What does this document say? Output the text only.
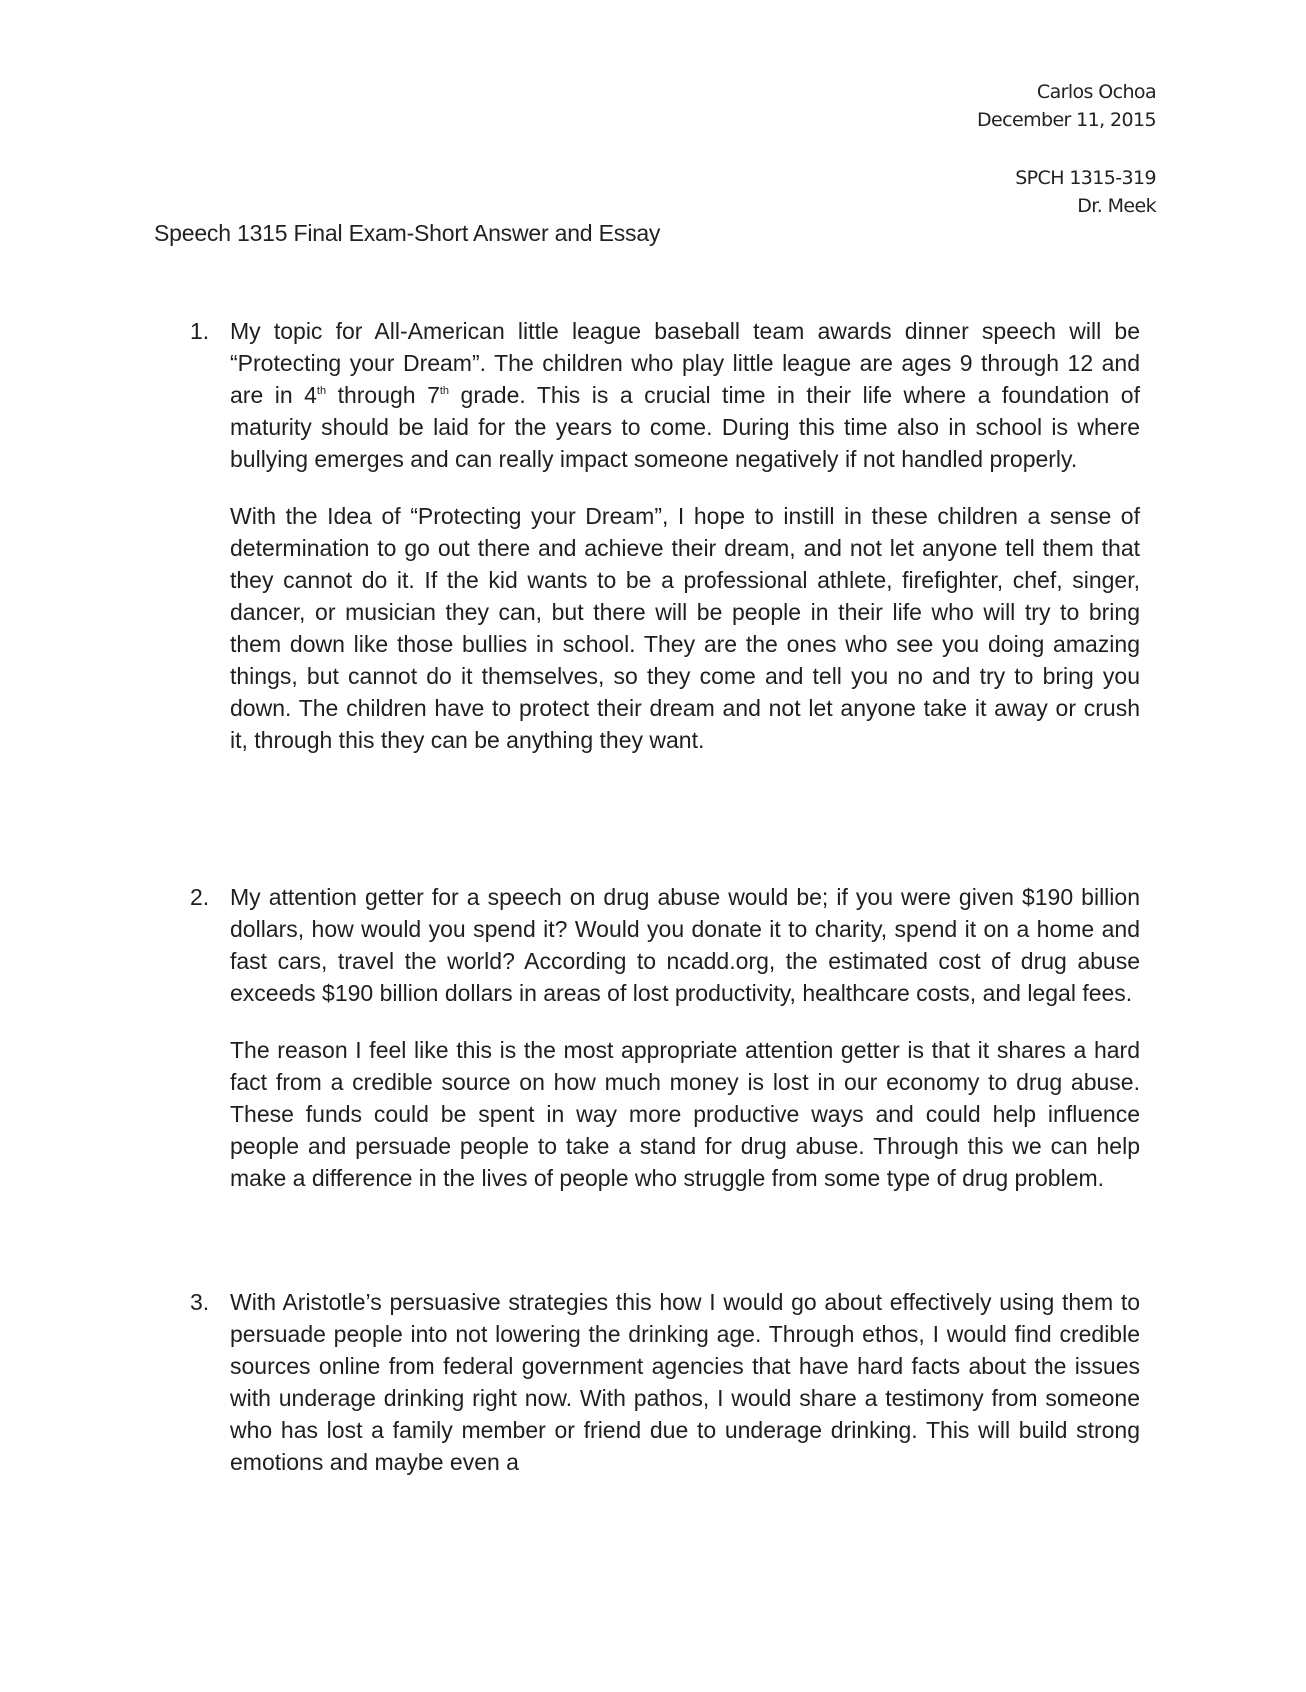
Carlos Ochoa
December 11, 2015
SPCH 1315-319
Dr. Meek
Speech 1315 Final Exam-Short Answer and Essay
1. My topic for All-American little league baseball team awards dinner speech will be “Protecting your Dream”. The children who play little league are ages 9 through 12 and are in 4th through 7th grade. This is a crucial time in their life where a foundation of maturity should be laid for the years to come. During this time also in school is where bullying emerges and can really impact someone negatively if not handled properly.

With the Idea of “Protecting your Dream”, I hope to instill in these children a sense of determination to go out there and achieve their dream, and not let anyone tell them that they cannot do it. If the kid wants to be a professional athlete, firefighter, chef, singer, dancer, or musician they can, but there will be people in their life who will try to bring them down like those bullies in school. They are the ones who see you doing amazing things, but cannot do it themselves, so they come and tell you no and try to bring you down. The children have to protect their dream and not let anyone take it away or crush it, through this they can be anything they want.

2. My attention getter for a speech on drug abuse would be; if you were given $190 billion dollars, how would you spend it? Would you donate it to charity, spend it on a home and fast cars, travel the world? According to ncadd.org, the estimated cost of drug abuse exceeds $190 billion dollars in areas of lost productivity, healthcare costs, and legal fees.

The reason I feel like this is the most appropriate attention getter is that it shares a hard fact from a credible source on how much money is lost in our economy to drug abuse. These funds could be spent in way more productive ways and could help influence people and persuade people to take a stand for drug abuse. Through this we can help make a difference in the lives of people who struggle from some type of drug problem.

3. With Aristotle’s persuasive strategies this how I would go about effectively using them to persuade people into not lowering the drinking age. Through ethos, I would find credible sources online from federal government agencies that have hard facts about the issues with underage drinking right now. With pathos, I would share a testimony from someone who has lost a family member or friend due to underage drinking. This will build strong emotions and maybe even a
